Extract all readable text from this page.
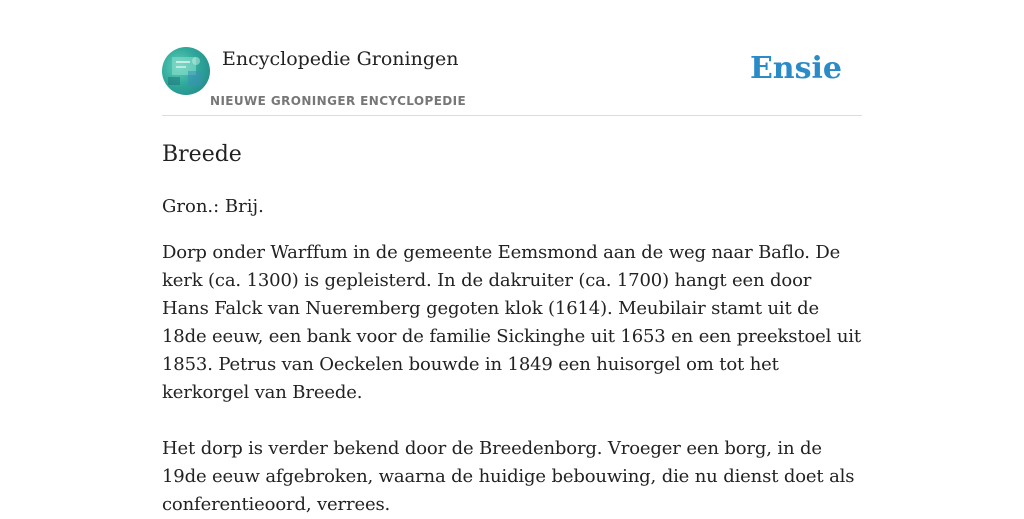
Encyclopedie Groningen
NIEUWE GRONINGER ENCYCLOPEDIE
Ensie
Breede

Gron.: Brij.

Dorp onder Warffum in de gemeente Eemsmond aan de weg naar Baflo. De kerk (ca. 1300) is gepleisterd. In de dakruiter (ca. 1700) hangt een door Hans Falck van Nueremberg gegoten klok (1614). Meubilair stamt uit de 18de eeuw, een bank voor de familie Sickinghe uit 1653 en een preekstoel uit 1853. Petrus van Oeckelen bouwde in 1849 een huisorgel om tot het kerkorgel van Breede.

Het dorp is verder bekend door de Breedenborg. Vroeger een borg, in de 19de eeuw afgebroken, waarna de huidige bebouwing, die nu dienst doet als conferentieoord, verrees.
